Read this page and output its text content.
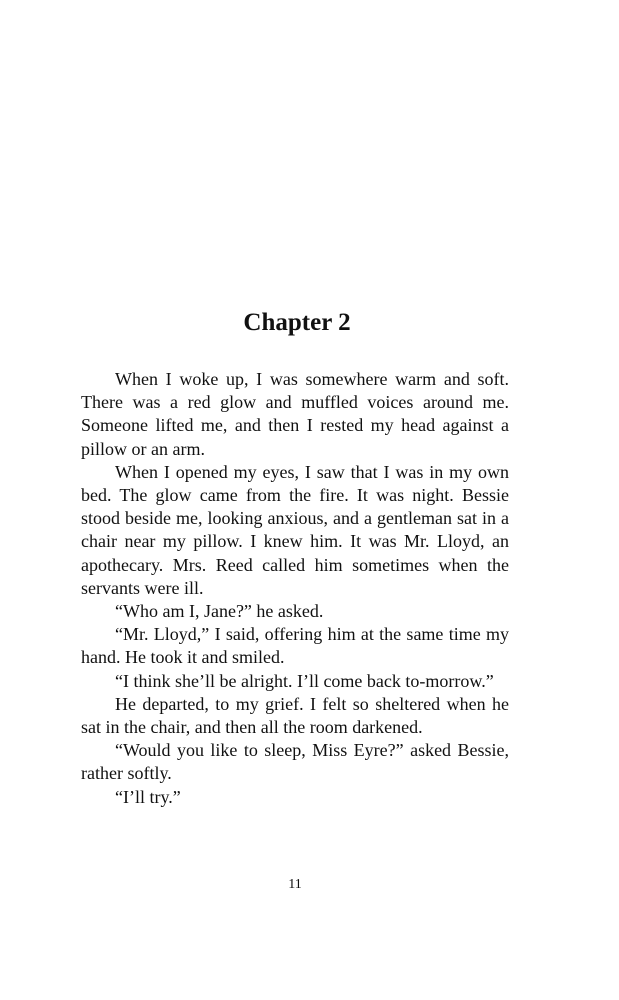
Chapter 2

When I woke up, I was somewhere warm and soft. There was a red glow and muffled voices around me. Someone lifted me, and then I rested my head against a pillow or an arm.

When I opened my eyes, I saw that I was in my own bed. The glow came from the fire. It was night. Bessie stood beside me, looking anxious, and a gentleman sat in a chair near my pillow. I knew him. It was Mr. Lloyd, an apothecary. Mrs. Reed called him sometimes when the servants were ill.

“Who am I, Jane?” he asked.

“Mr. Lloyd,” I said, offering him at the same time my hand. He took it and smiled.

“I think she’ll be alright. I’ll come back to-morrow.”

He departed, to my grief. I felt so sheltered when he sat in the chair, and then all the room darkened.

“Would you like to sleep, Miss Eyre?” asked Bessie, rather softly.

“I’ll try.”

11
